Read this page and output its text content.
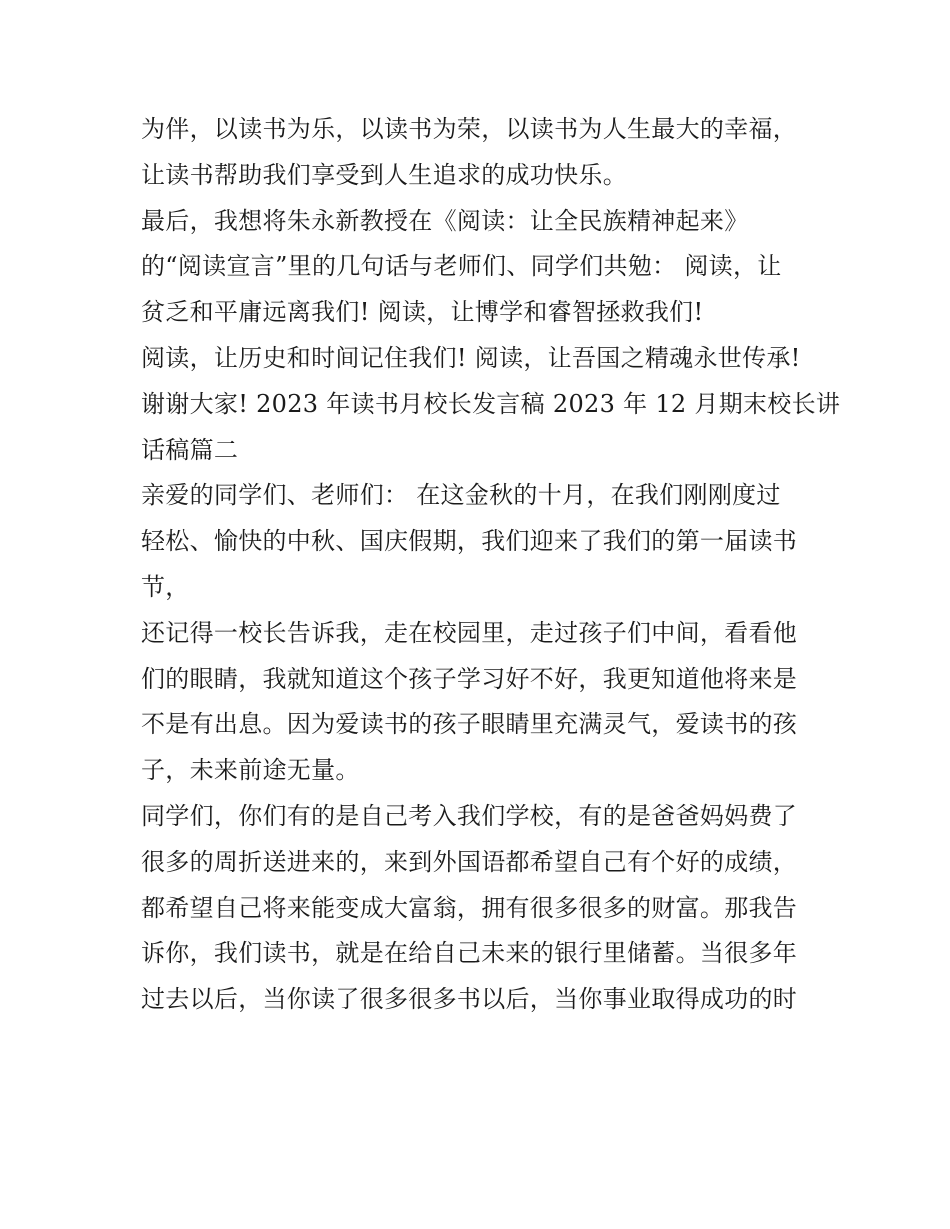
为伴，以读书为乐，以读书为荣，以读书为人生最大的幸福，
让读书帮助我们享受到人生追求的成功快乐。
最后，我想将朱永新教授在《阅读：让全民族精神起来》
的“阅读宣言”里的几句话与老师们、同学们共勉： 阅读，让
贫乏和平庸远离我们! 阅读，让博学和睿智拯救我们!
阅读，让历史和时间记住我们! 阅读，让吾国之精魂永世传承!
谢谢大家! 2023 年读书月校长发言稿 2023 年 12 月期末校长讲
话稿篇二
亲爱的同学们、老师们： 在这金秋的十月，在我们刚刚度过
轻松、愉快的中秋、国庆假期，我们迎来了我们的第一届读书
节，
还记得一校长告诉我，走在校园里，走过孩子们中间，看看他
们的眼睛，我就知道这个孩子学习好不好，我更知道他将来是
不是有出息。因为爱读书的孩子眼睛里充满灵气，爱读书的孩
子，未来前途无量。
同学们，你们有的是自己考入我们学校，有的是爸爸妈妈费了
很多的周折送进来的，来到外国语都希望自己有个好的成绩，
都希望自己将来能变成大富翁，拥有很多很多的财富。那我告
诉你，我们读书，就是在给自己未来的银行里储蓄。当很多年
过去以后，当你读了很多很多书以后，当你事业取得成功的时
